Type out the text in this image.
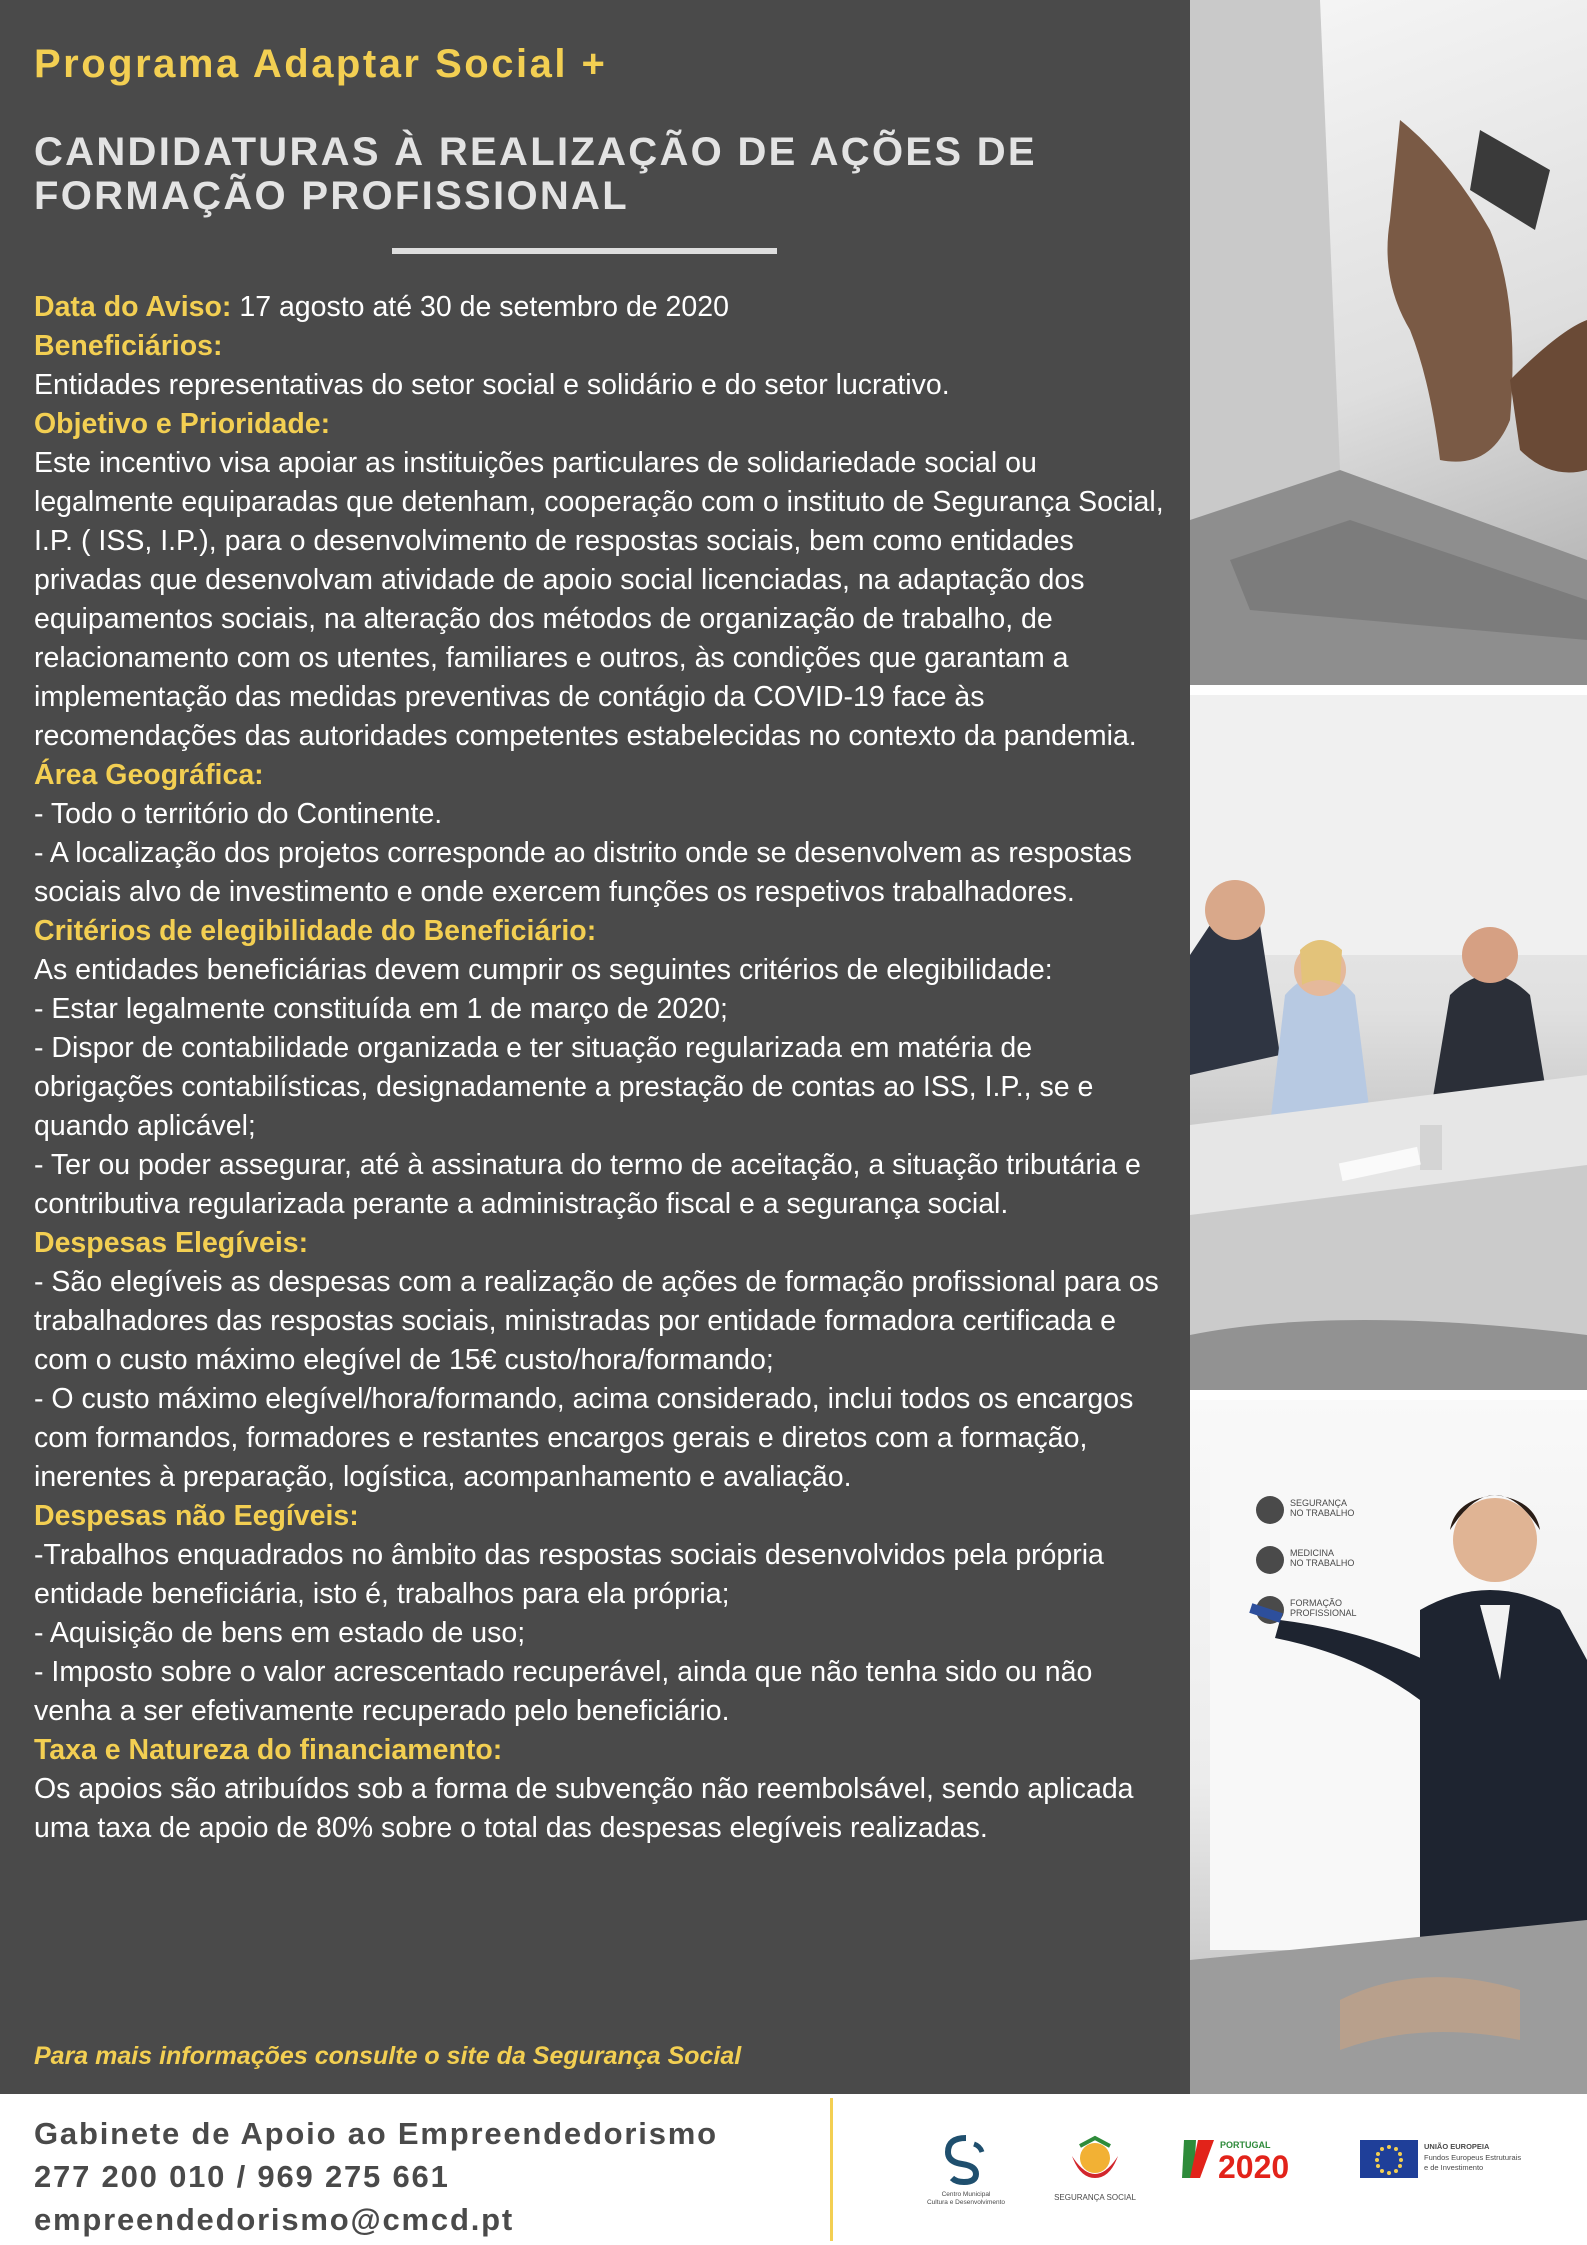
Programa Adaptar Social +
CANDIDATURAS À REALIZAÇÃO DE AÇÕES DE FORMAÇÃO PROFISSIONAL

Data do Aviso: 17 agosto até 30 de setembro de 2020

Beneficiários:

Entidades representativas do setor social e solidário e do setor lucrativo.

Objetivo e Prioridade:

Este incentivo visa apoiar as instituições particulares de solidariedade social ou legalmente equiparadas que detenham, cooperação com o instituto de Segurança Social, I.P. ( ISS, I.P.), para o desenvolvimento de respostas sociais, bem como entidades privadas que desenvolvam atividade de apoio social licenciadas, na adaptação dos equipamentos sociais, na alteração dos métodos de organização de trabalho, de relacionamento com os utentes, familiares e outros, às condições que garantam a implementação das medidas preventivas de contágio da COVID-19 face às recomendações das autoridades competentes estabelecidas no contexto da pandemia.

Área Geográfica:

- Todo o território do Continente.

- A localização dos projetos corresponde ao distrito onde se desenvolvem as respostas sociais alvo de investimento e onde exercem funções os respetivos trabalhadores.

Critérios de elegibilidade do Beneficiário:

As entidades beneficiárias devem cumprir os seguintes critérios de elegibilidade:

- Estar legalmente constituída em 1 de março de 2020;

- Dispor de contabilidade organizada e ter situação regularizada em matéria de obrigações contabilísticas, designadamente a prestação de contas ao ISS, I.P., se e quando aplicável;

- Ter ou poder assegurar, até à assinatura do termo de aceitação, a situação tributária e contributiva regularizada perante a administração fiscal e a segurança social.

Despesas Elegíveis:

- São elegíveis as despesas com a realização de ações de formação profissional para os trabalhadores das respostas sociais, ministradas por entidade formadora certificada e com o custo máximo elegível de 15€ custo/hora/formando;

- O custo máximo elegível/hora/formando, acima considerado, inclui todos os encargos com formandos, formadores e restantes encargos gerais e diretos com a formação, inerentes à preparação, logística, acompanhamento e avaliação.

Despesas não Eegíveis:

-Trabalhos enquadrados no âmbito das respostas sociais desenvolvidos pela própria entidade beneficiária, isto é, trabalhos para ela própria;

- Aquisição de bens em estado de uso;

- Imposto sobre o valor acrescentado recuperável, ainda que não tenha sido ou não venha a ser efetivamente recuperado pelo beneficiário.

Taxa e Natureza do financiamento:

Os apoios são atribuídos sob a forma de subvenção não reembolsável, sendo aplicada uma taxa de apoio de 80% sobre o total das despesas elegíveis realizadas.

Para mais informações consulte o site da Segurança Social

SEGURANÇA
NO TRABALHO
MEDICINA
NO TRABALHO
FORMAÇÃO
PROFISSIONAL
Gabinete de Apoio ao Empreendedorismo
277 200 010 / 969 275 661
empreendedorismo@cmcd.pt
Centro Municipal
Cultura e Desenvolvimento
SEGURANÇA SOCIAL
PORTUGAL
2020
UNIÃO EUROPEIA
Fundos Europeus Estruturais
e de Investimento
